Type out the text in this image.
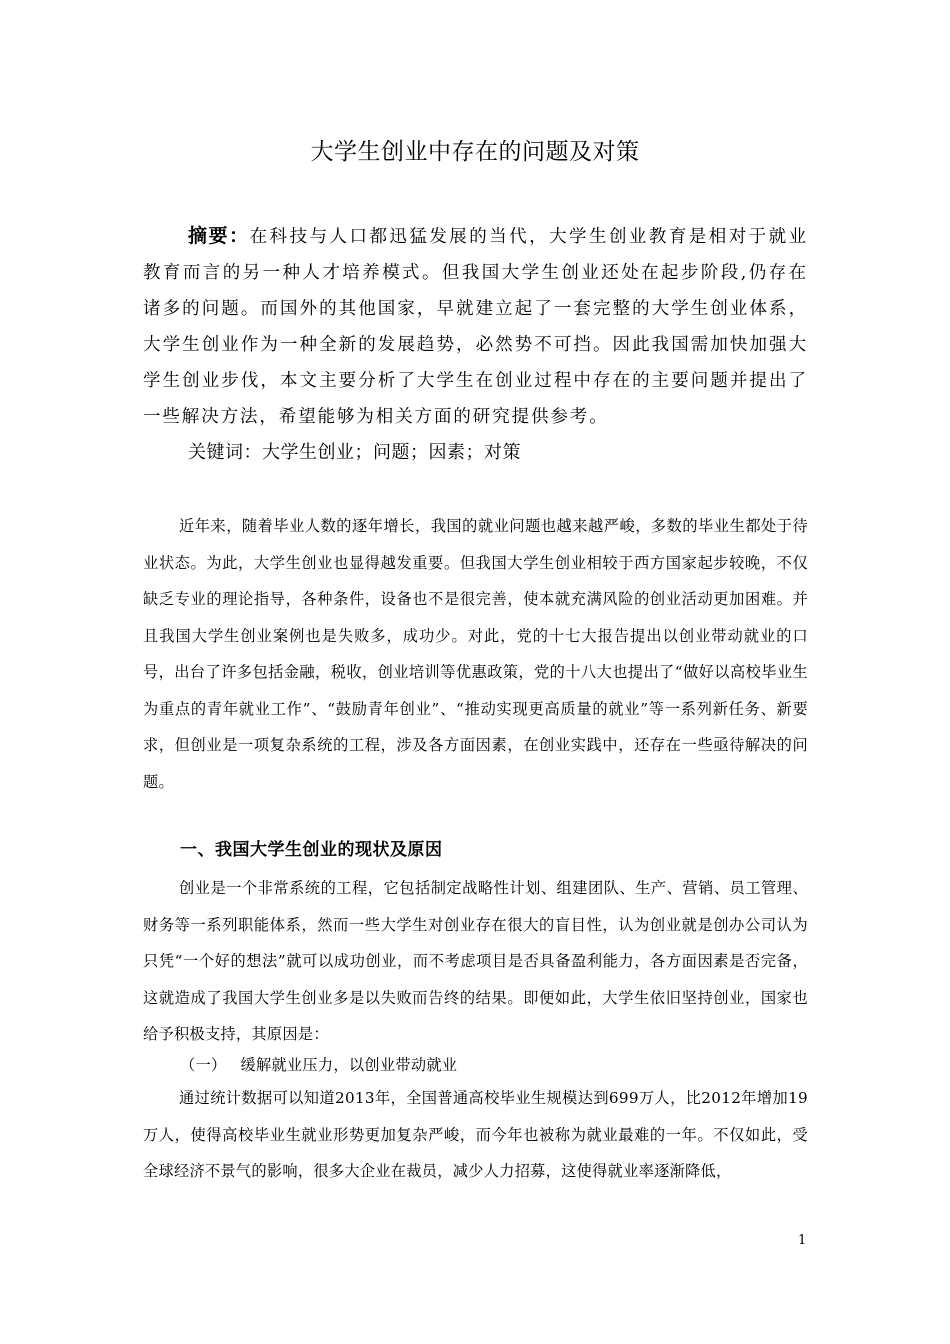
大学生创业中存在的问题及对策
摘要：在科技与人口都迅猛发展的当代，大学生创业教育是相对于就业教育而言的另一种人才培养模式。但我国大学生创业还处在起步阶段,仍存在诸多的问题。而国外的其他国家，早就建立起了一套完整的大学生创业体系，大学生创业作为一种全新的发展趋势，必然势不可挡。因此我国需加快加强大学生创业步伐，本文主要分析了大学生在创业过程中存在的主要问题并提出了一些解决方法，希望能够为相关方面的研究提供参考。
关键词：大学生创业；问题；因素；对策
近年来，随着毕业人数的逐年增长，我国的就业问题也越来越严峻，多数的毕业生都处于待业状态。为此，大学生创业也显得越发重要。但我国大学生创业相较于西方国家起步较晚，不仅缺乏专业的理论指导，各种条件，设备也不是很完善，使本就充满风险的创业活动更加困难。并且我国大学生创业案例也是失败多，成功少。对此，党的十七大报告提出以创业带动就业的口号，出台了许多包括金融，税收，创业培训等优惠政策，党的十八大也提出了“做好以高校毕业生为重点的青年就业工作”、“鼓励青年创业”、“推动实现更高质量的就业”等一系列新任务、新要求，但创业是一项复杂系统的工程，涉及各方面因素，在创业实践中，还存在一些亟待解决的问题。
一、我国大学生创业的现状及原因
创业是一个非常系统的工程，它包括制定战略性计划、组建团队、生产、营销、员工管理、财务等一系列职能体系，然而一些大学生对创业存在很大的盲目性，认为创业就是创办公司认为只凭“一个好的想法”就可以成功创业，而不考虑项目是否具备盈利能力，各方面因素是否完备，这就造成了我国大学生创业多是以失败而告终的结果。即便如此，大学生依旧坚持创业，国家也给予积极支持，其原因是：
（一） 缓解就业压力，以创业带动就业
通过统计数据可以知道2013年，全国普通高校毕业生规模达到699万人，比2012年增加19万人，使得高校毕业生就业形势更加复杂严峻，而今年也被称为就业最难的一年。不仅如此，受全球经济不景气的影响，很多大企业在裁员，减少人力招募，这使得就业率逐渐降低，
1
